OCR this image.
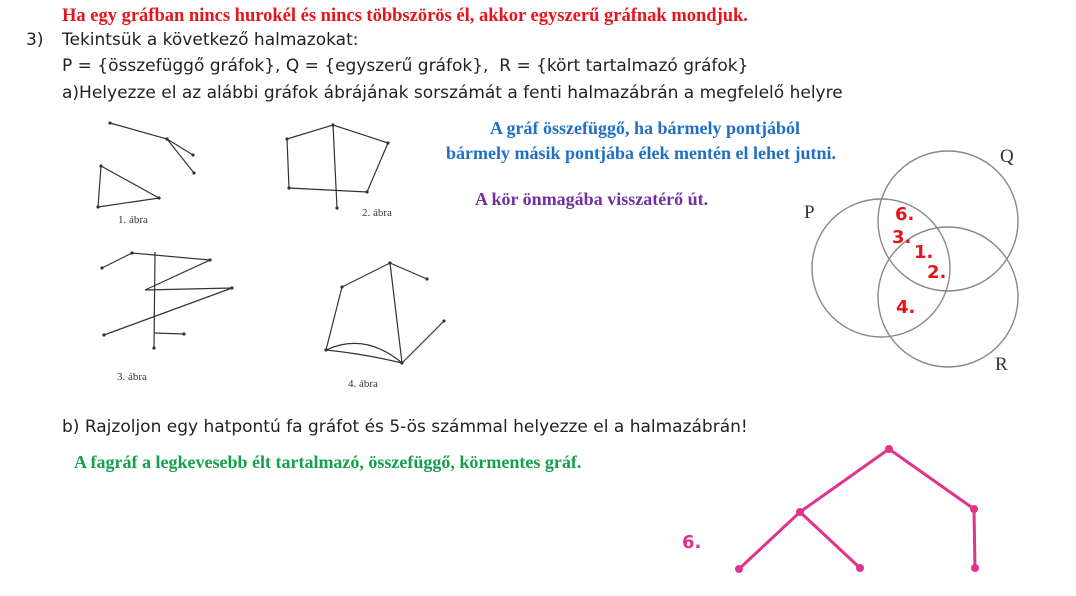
Ha egy gráfban nincs hurokél és nincs többszörös él, akkor egyszerű gráfnak mondjuk.
3) Tekintsük a következő halmazokat:
P = {összefüggő gráfok}, Q = {egyszerű gráfok},  R = {kört tartalmazó gráfok}
a)Helyezze el az alábbi gráfok ábrájának sorszámát a fenti halmazábrán a megfelelő helyre
1. ábra
2. ábra
3. ábra
4. ábra
A gráf összefüggő, ha bármely pontjából
bármely másik pontjába élek mentén el lehet jutni.
A kör önmagába visszatérő út.
P
Q
R
6.
3.
1.
2.
4.
b) Rajzoljon egy hatpontú fa gráfot és 5-ös számmal helyezze el a halmazábrán!
A fagráf a legkevesebb élt tartalmazó, összefüggő, körmentes gráf.
6.
